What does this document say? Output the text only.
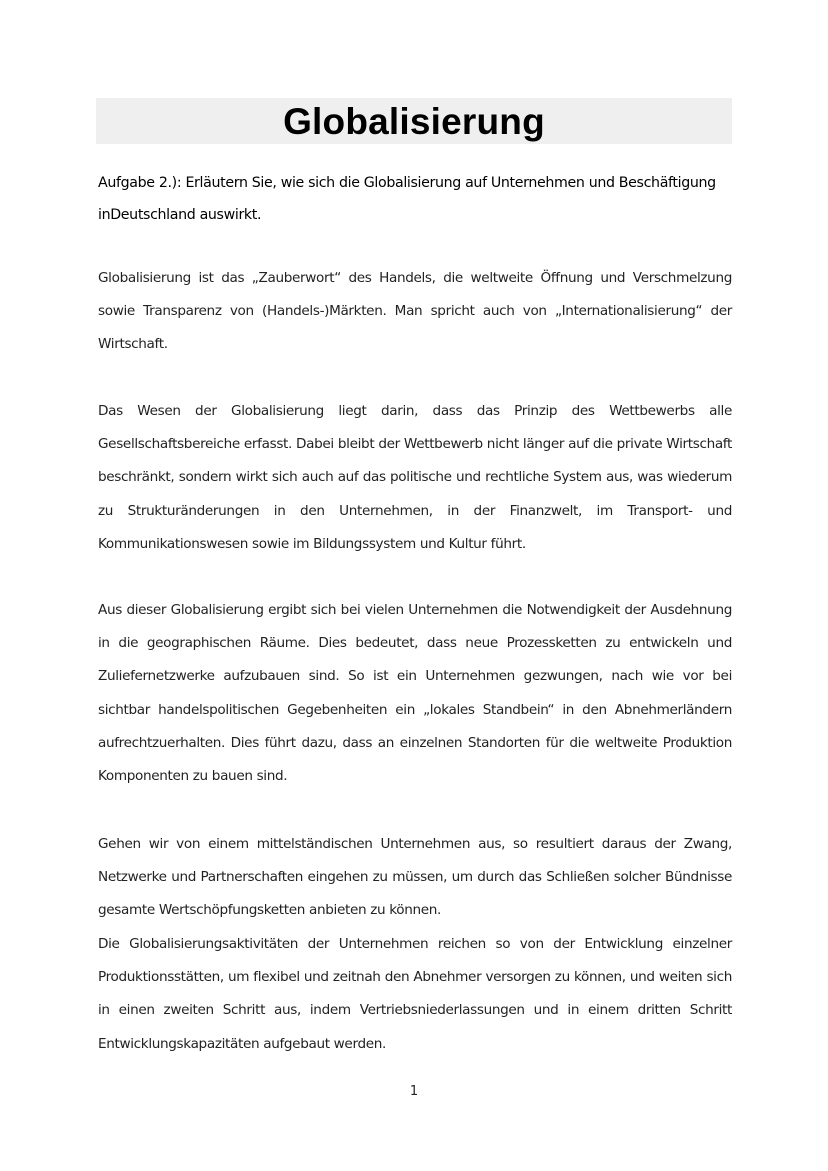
Globalisierung

Aufgabe 2.): Erläutern Sie, wie sich die Globalisierung auf Unternehmen und Beschäftigung inDeutschland auswirkt.

Globalisierung ist das „Zauberwort“ des Handels, die weltweite Öffnung und Verschmelzung sowie Transparenz von (Handels-)Märkten. Man spricht auch von „Internationalisierung“ der Wirtschaft.

Das Wesen der Globalisierung liegt darin, dass das Prinzip des Wettbewerbs alle Gesellschaftsbereiche erfasst. Dabei bleibt der Wettbewerb nicht länger auf die private Wirtschaft beschränkt, sondern wirkt sich auch auf das politische und rechtliche System aus, was wiederum zu Strukturänderungen in den Unternehmen, in der Finanzwelt, im Transport- und Kommunikationswesen sowie im Bildungssystem und Kultur führt.

Aus dieser Globalisierung ergibt sich bei vielen Unternehmen die Notwendigkeit der Ausdehnung in die geographischen Räume. Dies bedeutet, dass neue Prozessketten zu entwickeln und Zuliefernetzwerke aufzubauen sind. So ist ein Unternehmen gezwungen, nach wie vor bei sichtbar handelspolitischen Gegebenheiten ein „lokales Standbein“ in den Abnehmerländern aufrechtzuerhalten. Dies führt dazu, dass an einzelnen Standorten für die weltweite Produktion Komponenten zu bauen sind.

Gehen wir von einem mittelständischen Unternehmen aus, so resultiert daraus der Zwang, Netzwerke und Partnerschaften eingehen zu müssen, um durch das Schließen solcher Bündnisse gesamte Wertschöpfungsketten anbieten zu können.

Die Globalisierungsaktivitäten der Unternehmen reichen so von der Entwicklung einzelner Produktionsstätten, um flexibel und zeitnah den Abnehmer versorgen zu können, und weiten sich in einen zweiten Schritt aus, indem Vertriebsniederlassungen und in einem dritten Schritt Entwicklungskapazitäten aufgebaut werden.

1
